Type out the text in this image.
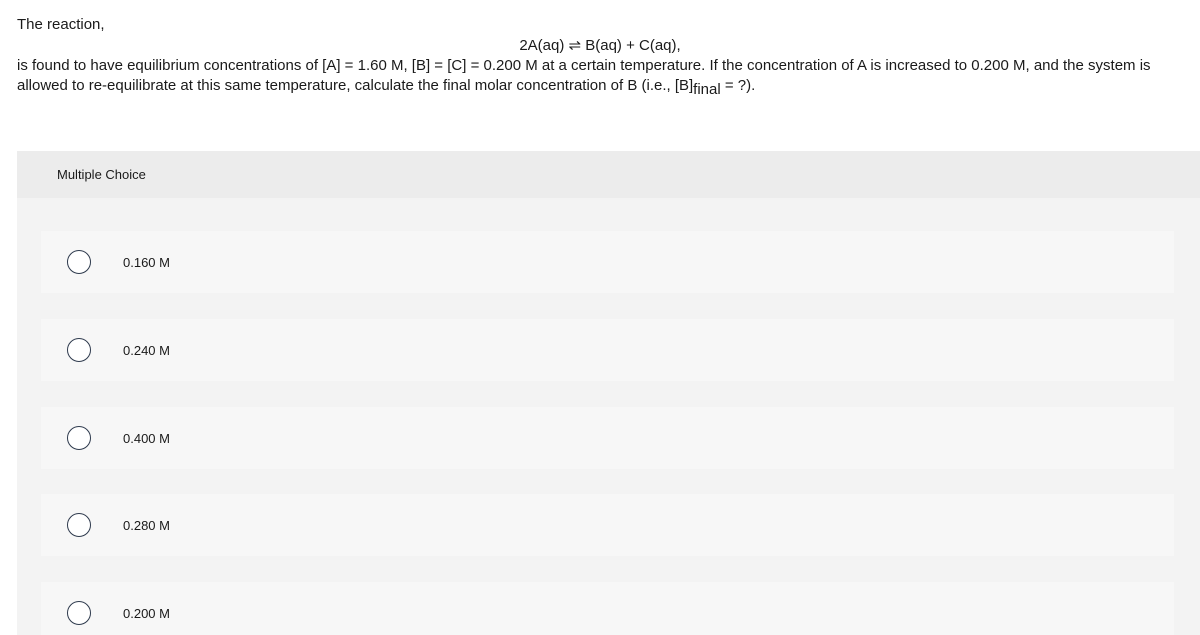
The reaction,

2A(aq) ⇌ B(aq) + C(aq),

is found to have equilibrium concentrations of [A] = 1.60 M, [B] = [C] = 0.200 M at a certain temperature. If the concentration of A is increased to 0.200 M, and the system is allowed to re-equilibrate at this same temperature, calculate the final molar concentration of B (i.e., $[B]_{final}$ = ?).

Multiple Choice
0.160 M
0.240 M
0.400 M
0.280 M
0.200 M
